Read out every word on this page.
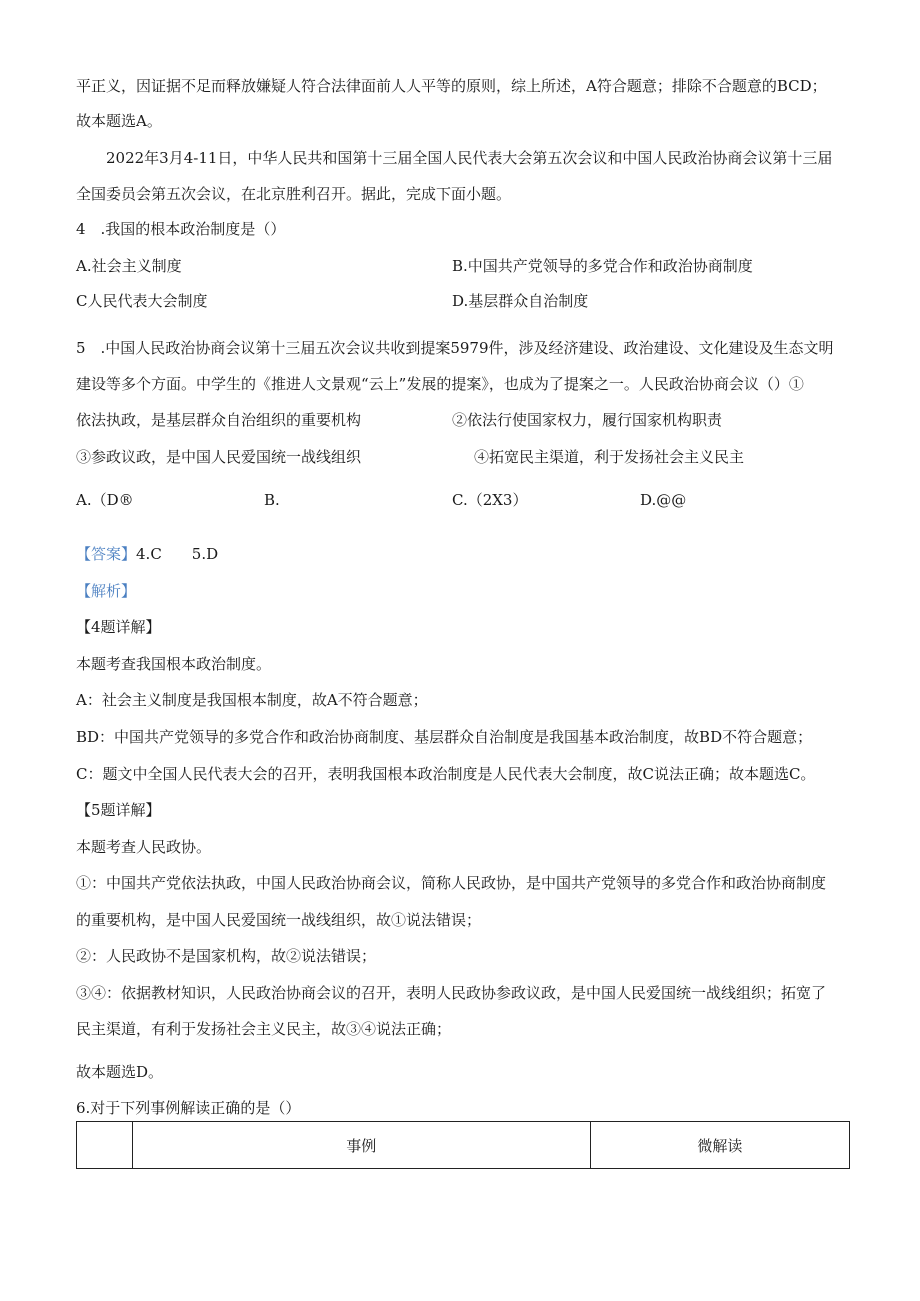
平正义，因证据不足而释放嫌疑人符合法律面前人人平等的原则，综上所述，A符合题意；排除不合题意的BCD；
故本题选A。
2022年3月4-11日，中华人民共和国第十三届全国人民代表大会第五次会议和中国人民政治协商会议第十三届
全国委员会第五次会议，在北京胜利召开。据此，完成下面小题。
4　.我国的根本政治制度是（）
A.社会主义制度	B.中国共产党领导的多党合作和政治协商制度
C人民代表大会制度	D.基层群众自治制度
5　.中国人民政治协商会议第十三届五次会议共收到提案5979件，涉及经济建设、政治建设、文化建设及生态文明
建设等多个方面。中学生的《推进人文景观“云上”发展的提案》，也成为了提案之一。人民政治协商会议（）①
依法执政，是基层群众自治组织的重要机构	②依法行使国家权力，履行国家机构职责
③参政议政，是中国人民爱国统一战线组织	④拓宽民主渠道，利于发扬社会主义民主
A.（D®	B.	C.（2X3）	D.@@
【答案】4.C　　5.D
【解析】
【4题详解】
本题考查我国根本政治制度。
A：社会主义制度是我国根本制度，故A不符合题意；
BD：中国共产党领导的多党合作和政治协商制度、基层群众自治制度是我国基本政治制度，故BD不符合题意；
C：题文中全国人民代表大会的召开，表明我国根本政治制度是人民代表大会制度，故C说法正确；故本题选C。
【5题详解】
本题考查人民政协。
①：中国共产党依法执政，中国人民政治协商会议，简称人民政协，是中国共产党领导的多党合作和政治协商制度
的重要机构，是中国人民爱国统一战线组织，故①说法错误；
②：人民政协不是国家机构，故②说法错误；
③④：依据教材知识，人民政治协商会议的召开，表明人民政协参政议政，是中国人民爱国统一战线组织；拓宽了
民主渠道，有利于发扬社会主义民主，故③④说法正确；
故本题选D。
6.对于下列事例解读正确的是（）
	事例	微解读
